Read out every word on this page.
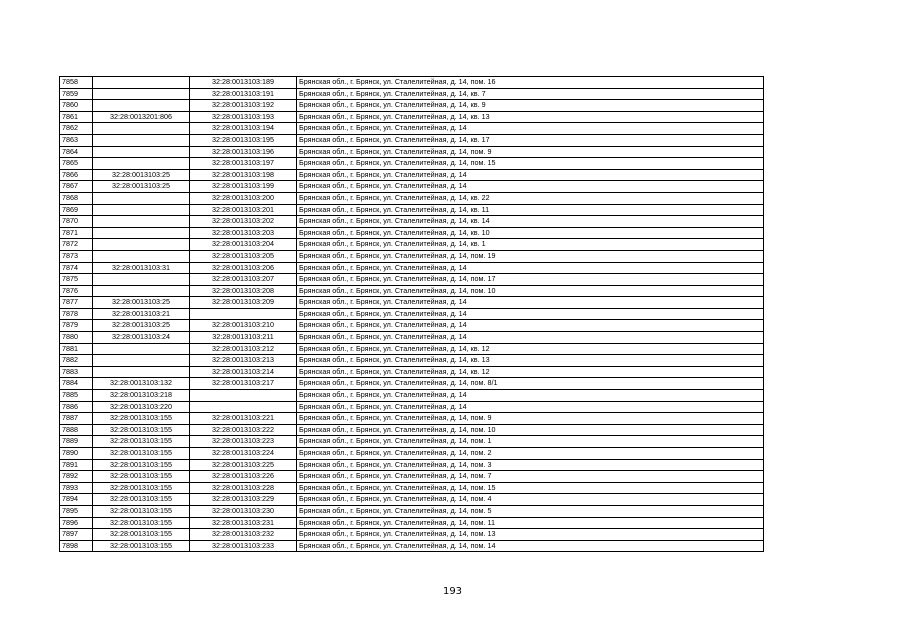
7858		32:28:0013103:189	Брянская обл., г. Брянск, ул. Сталелитейная, д. 14, пом. 16
7859		32:28:0013103:191	Брянская обл., г. Брянск, ул. Сталелитейная, д. 14, кв. 7
7860		32:28:0013103:192	Брянская обл., г. Брянск, ул. Сталелитейная, д. 14, кв. 9
7861	32:28:0013201:806	32:28:0013103:193	Брянская обл., г. Брянск, ул. Сталелитейная, д. 14, кв. 13
7862		32:28:0013103:194	Брянская обл., г. Брянск, ул. Сталелитейная, д. 14
7863		32:28:0013103:195	Брянская обл., г. Брянск, ул. Сталелитейная, д. 14, кв. 17
7864		32:28:0013103:196	Брянская обл., г. Брянск, ул. Сталелитейная, д. 14, пом. 9
7865		32:28:0013103:197	Брянская обл., г. Брянск, ул. Сталелитейная, д. 14, пом. 15
7866	32:28:0013103:25	32:28:0013103:198	Брянская обл., г. Брянск, ул. Сталелитейная, д. 14
7867	32:28:0013103:25	32:28:0013103:199	Брянская обл., г. Брянск, ул. Сталелитейная, д. 14
7868		32:28:0013103:200	Брянская обл., г. Брянск, ул. Сталелитейная, д. 14, кв. 22
7869		32:28:0013103:201	Брянская обл., г. Брянск, ул. Сталелитейная, д. 14, кв. 11
7870		32:28:0013103:202	Брянская обл., г. Брянск, ул. Сталелитейная, д. 14, кв. 14
7871		32:28:0013103:203	Брянская обл., г. Брянск, ул. Сталелитейная, д. 14, кв. 10
7872		32:28:0013103:204	Брянская обл., г. Брянск, ул. Сталелитейная, д. 14, кв. 1
7873		32:28:0013103:205	Брянская обл., г. Брянск, ул. Сталелитейная, д. 14, пом. 19
7874	32:28:0013103:31	32:28:0013103:206	Брянская обл., г. Брянск, ул. Сталелитейная, д. 14
7875		32:28:0013103:207	Брянская обл., г. Брянск, ул. Сталелитейная, д. 14, пом. 17
7876		32:28:0013103:208	Брянская обл., г. Брянск, ул. Сталелитейная, д. 14, пом. 10
7877	32:28:0013103:25	32:28:0013103:209	Брянская обл., г. Брянск, ул. Сталелитейная, д. 14
7878	32:28:0013103:21		Брянская обл., г. Брянск, ул. Сталелитейная, д. 14
7879	32:28:0013103:25	32:28:0013103:210	Брянская обл., г. Брянск, ул. Сталелитейная, д. 14
7880	32:28:0013103:24	32:28:0013103:211	Брянская обл., г. Брянск, ул. Сталелитейная, д. 14
7881		32:28:0013103:212	Брянская обл., г. Брянск, ул. Сталелитейная, д. 14, кв. 12
7882		32:28:0013103:213	Брянская обл., г. Брянск, ул. Сталелитейная, д. 14, кв. 13
7883		32:28:0013103:214	Брянская обл., г. Брянск, ул. Сталелитейная, д. 14, кв. 12
7884	32:28:0013103:132	32:28:0013103:217	Брянская обл., г. Брянск, ул. Сталелитейная, д. 14, пом. 8/1
7885	32:28:0013103:218		Брянская обл., г. Брянск, ул. Сталелитейная, д. 14
7886	32:28:0013103:220		Брянская обл., г. Брянск, ул. Сталелитейная, д. 14
7887	32:28:0013103:155	32:28:0013103:221	Брянская обл., г. Брянск, ул. Сталелитейная, д. 14, пом. 9
7888	32:28:0013103:155	32:28:0013103:222	Брянская обл., г. Брянск, ул. Сталелитейная, д. 14, пом. 10
7889	32:28:0013103:155	32:28:0013103:223	Брянская обл., г. Брянск, ул. Сталелитейная, д. 14, пом. 1
7890	32:28:0013103:155	32:28:0013103:224	Брянская обл., г. Брянск, ул. Сталелитейная, д. 14, пом. 2
7891	32:28:0013103:155	32:28:0013103:225	Брянская обл., г. Брянск, ул. Сталелитейная, д. 14, пом. 3
7892	32:28:0013103:155	32:28:0013103:226	Брянская обл., г. Брянск, ул. Сталелитейная, д. 14, пом. 7
7893	32:28:0013103:155	32:28:0013103:228	Брянская обл., г. Брянск, ул. Сталелитейная, д. 14, пом. 15
7894	32:28:0013103:155	32:28:0013103:229	Брянская обл., г. Брянск, ул. Сталелитейная, д. 14, пом. 4
7895	32:28:0013103:155	32:28:0013103:230	Брянская обл., г. Брянск, ул. Сталелитейная, д. 14, пом. 5
7896	32:28:0013103:155	32:28:0013103:231	Брянская обл., г. Брянск, ул. Сталелитейная, д. 14, пом. 11
7897	32:28:0013103:155	32:28:0013103:232	Брянская обл., г. Брянск, ул. Сталелитейная, д. 14, пом. 13
7898	32:28:0013103:155	32:28:0013103:233	Брянская обл., г. Брянск, ул. Сталелитейная, д. 14, пом. 14
193
